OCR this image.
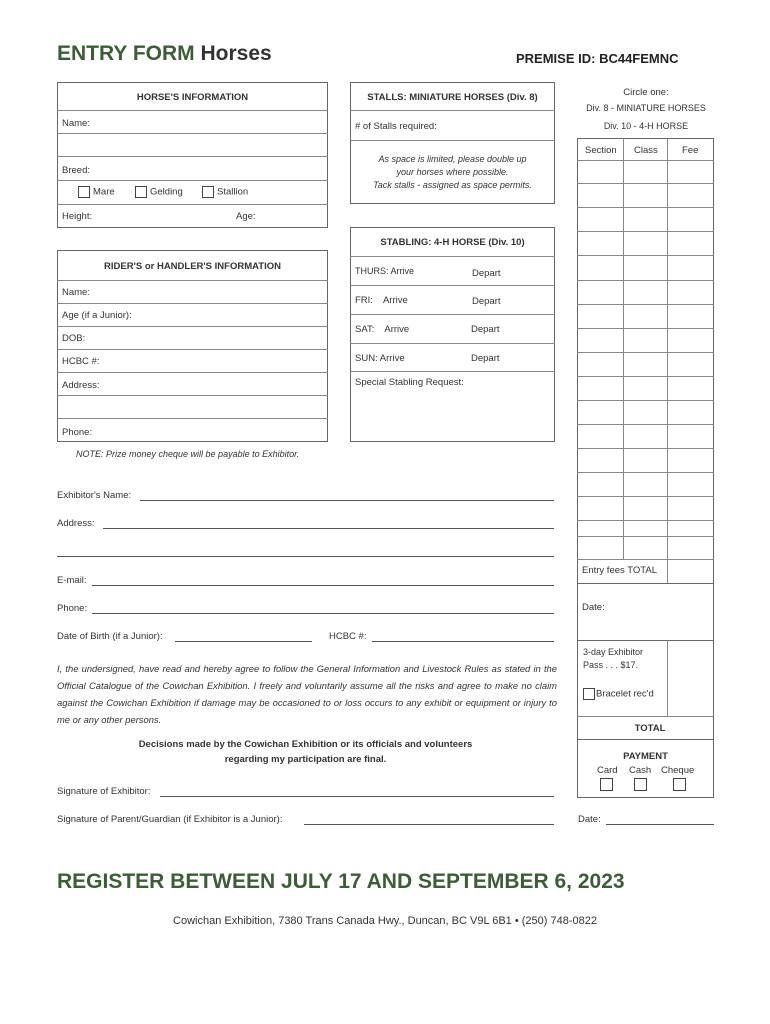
ENTRY FORM Horses	PREMISE ID: BC44FEMNC
HORSE'S INFORMATION
Name:
Breed:
Mare	Gelding	Stallion
Height:	Age:
RIDER'S or HANDLER'S INFORMATION
Name:
Age (if a Junior):
DOB:
HCBC #:
Address:
Phone:
NOTE: Prize money cheque will be payable to Exhibitor.
STALLS: MINIATURE HORSES (Div. 8)
# of Stalls required:
As space is limited, please double up
your horses where possible.
Tack stalls - assigned as space permits.
STABLING: 4-H HORSE (Div. 10)
THURS: Arrive	Depart
FRI:    Arrive	Depart
SAT:    Arrive	Depart
SUN: Arrive	Depart
Special Stabling Request:
Circle one:
Div. 8 - MINIATURE HORSES
Div. 10 - 4-H HORSE
Section Class	Fee
Entry fees TOTAL
Date:
3-day Exhibitor
Pass . . . $17.
Bracelet rec'd
TOTAL
PAYMENT
Card Cash Cheque
Exhibitor's Name:
Address:
E-mail:
Phone:
Date of Birth (if a Junior):	HCBC #:
I, the undersigned, have read and hereby agree to follow the General Information and Livestock Rules as stated in the Official Catalogue of the Cowichan Exhibition. I freely and voluntarily assume all the risks and agree to make no claim against the Cowichan Exhibition if damage may be occasioned to or loss occurs to any exhibit or equipment or injury to me or any other persons.
Decisions made by the Cowichan Exhibition or its officials and volunteers
regarding my participation are final.
Signature of Exhibitor:
Signature of Parent/Guardian (if Exhibitor is a Junior):	Date:
REGISTER BETWEEN JULY 17 AND SEPTEMBER 6, 2023
Cowichan Exhibition, 7380 Trans Canada Hwy., Duncan, BC V9L 6B1 • (250) 748-0822
